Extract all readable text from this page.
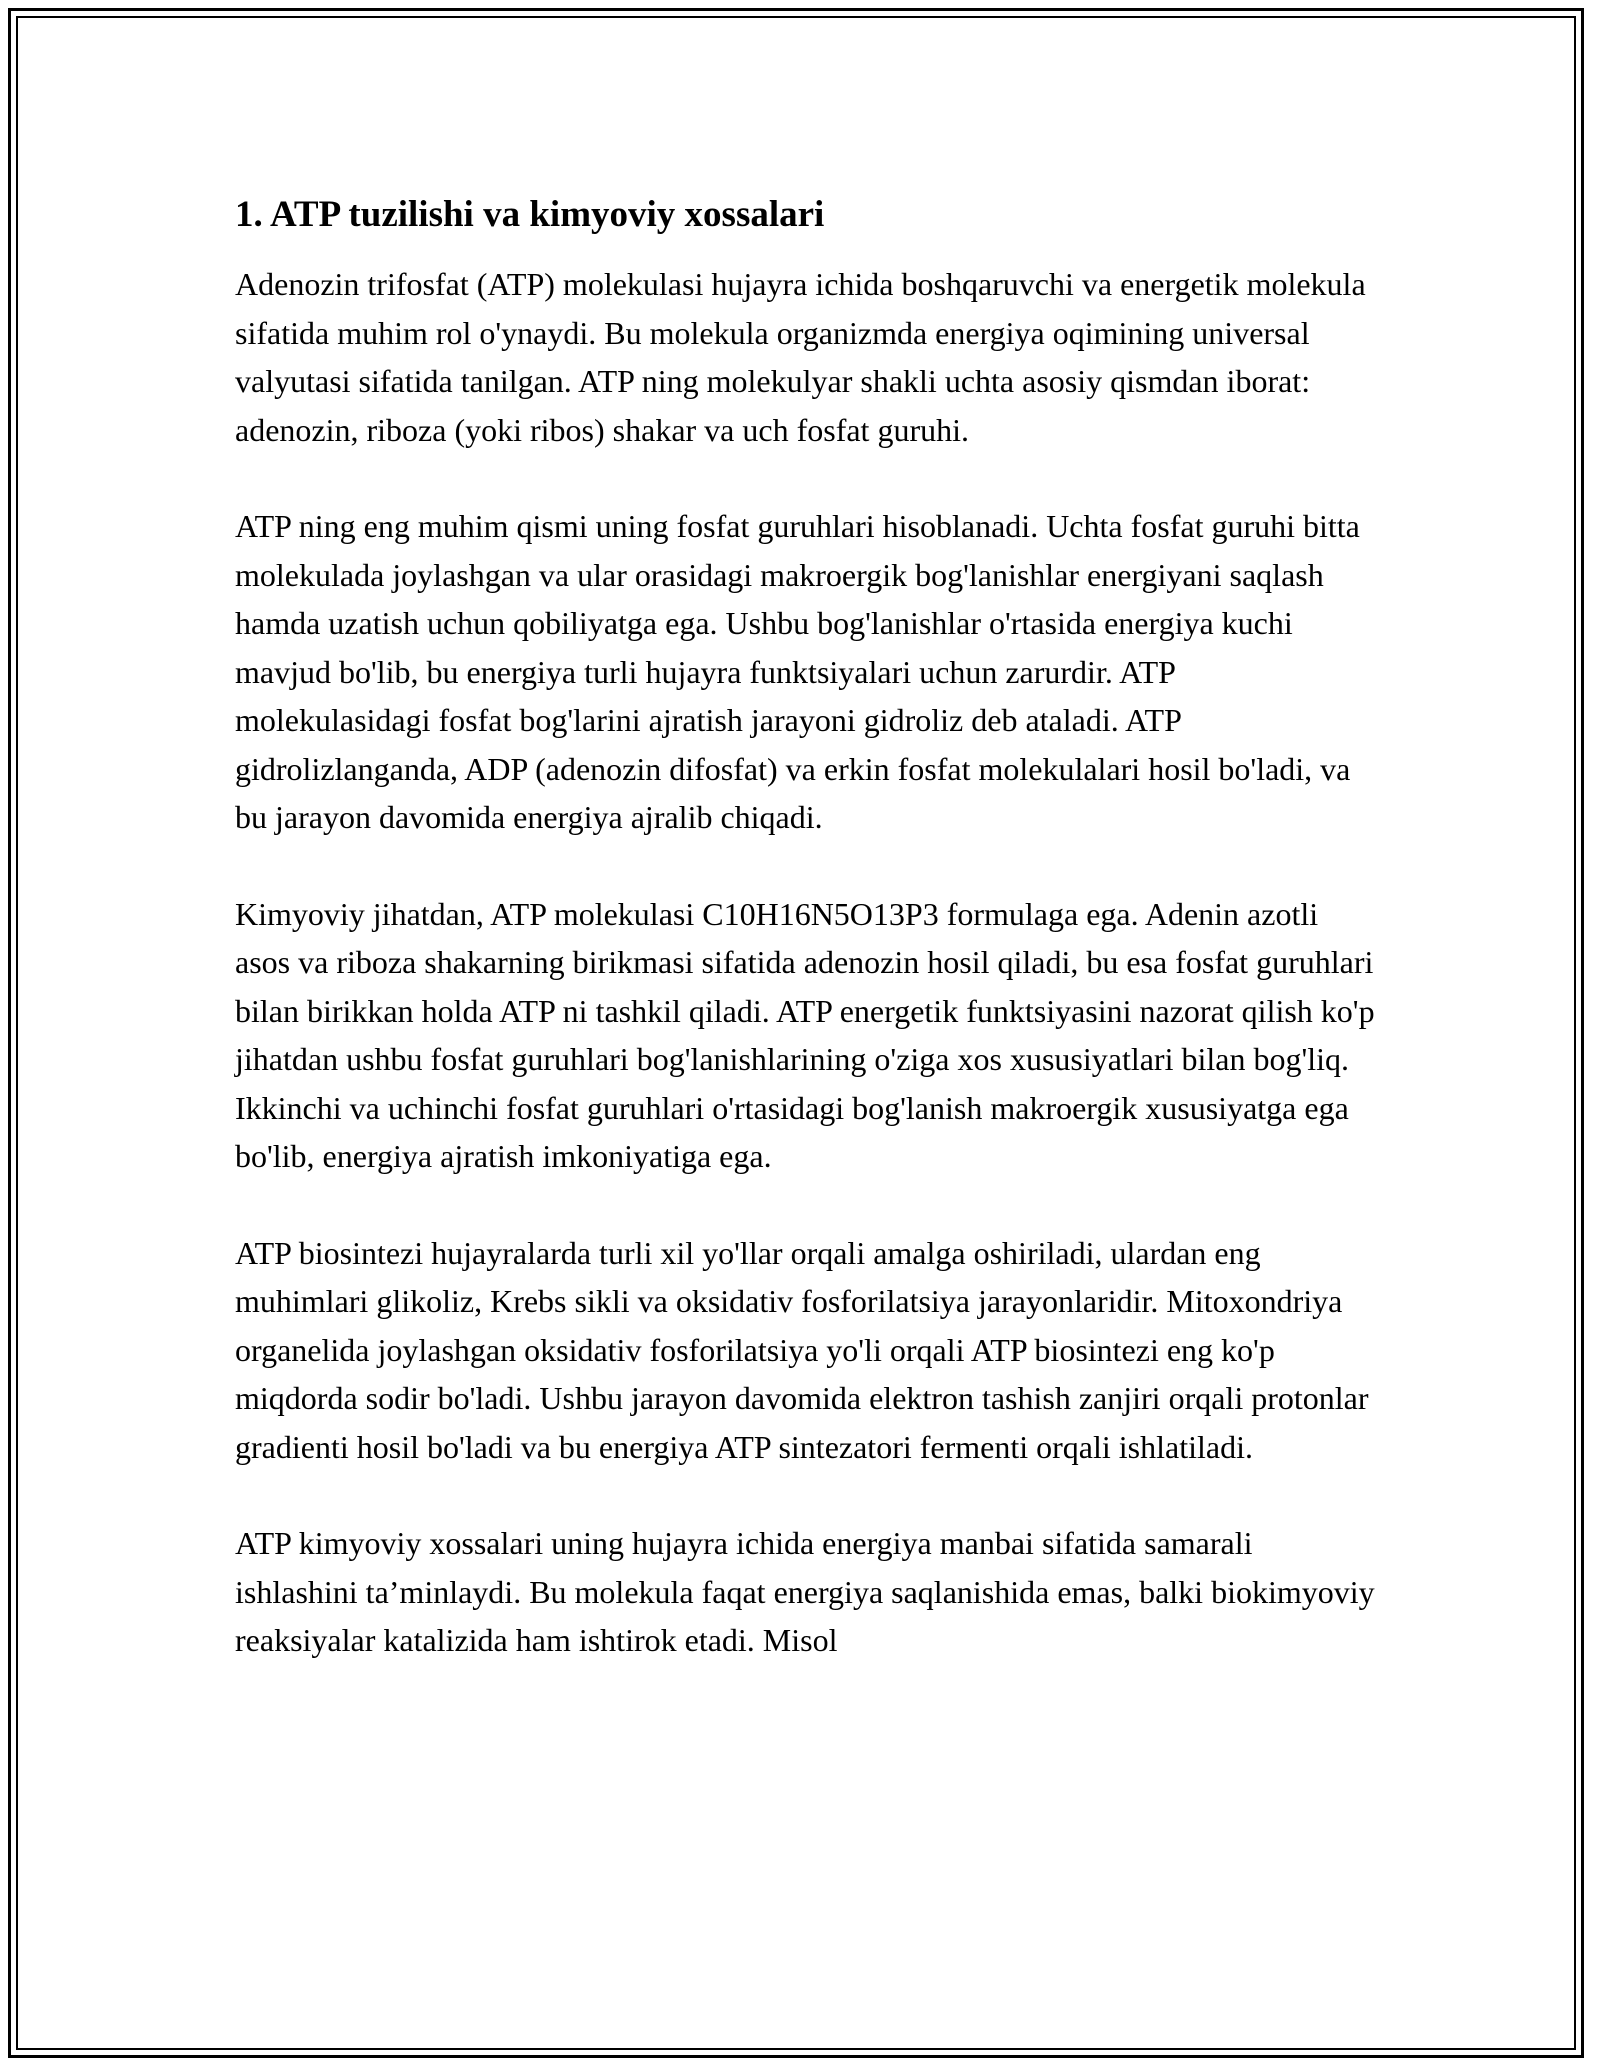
1. ATP tuzilishi va kimyoviy xossalari

Adenozin trifosfat (ATP) molekulasi hujayra ichida boshqaruvchi va energetik molekula sifatida muhim rol o'ynaydi. Bu molekula organizmda energiya oqimining universal valyutasi sifatida tanilgan. ATP ning molekulyar shakli uchta asosiy qismdan iborat: adenozin, riboza (yoki ribos) shakar va uch fosfat guruhi.

ATP ning eng muhim qismi uning fosfat guruhlari hisoblanadi. Uchta fosfat guruhi bitta molekulada joylashgan va ular orasidagi makroergik bog'lanishlar energiyani saqlash hamda uzatish uchun qobiliyatga ega. Ushbu bog'lanishlar o'rtasida energiya kuchi mavjud bo'lib, bu energiya turli hujayra funktsiyalari uchun zarurdir. ATP molekulasidagi fosfat bog'larini ajratish jarayoni gidroliz deb ataladi. ATP gidrolizlanganda, ADP (adenozin difosfat) va erkin fosfat molekulalari hosil bo'ladi, va bu jarayon davomida energiya ajralib chiqadi.

Kimyoviy jihatdan, ATP molekulasi C10H16N5O13P3 formulaga ega. Adenin azotli asos va riboza shakarning birikmasi sifatida adenozin hosil qiladi, bu esa fosfat guruhlari bilan birikkan holda ATP ni tashkil qiladi. ATP energetik funktsiyasini nazorat qilish ko'p jihatdan ushbu fosfat guruhlari bog'lanishlarining o'ziga xos xususiyatlari bilan bog'liq. Ikkinchi va uchinchi fosfat guruhlari o'rtasidagi bog'lanish makroergik xususiyatga ega bo'lib, energiya ajratish imkoniyatiga ega.

ATP biosintezi hujayralarda turli xil yo'llar orqali amalga oshiriladi, ulardan eng muhimlari glikoliz, Krebs sikli va oksidativ fosforilatsiya jarayonlaridir. Mitoxondriya organelida joylashgan oksidativ fosforilatsiya yo'li orqali ATP biosintezi eng ko'p miqdorda sodir bo'ladi. Ushbu jarayon davomida elektron tashish zanjiri orqali protonlar gradienti hosil bo'ladi va bu energiya ATP sintezatori fermenti orqali ishlatiladi.

ATP kimyoviy xossalari uning hujayra ichida energiya manbai sifatida samarali ishlashini ta’minlaydi. Bu molekula faqat energiya saqlanishida emas, balki biokimyoviy reaksiyalar katalizida ham ishtirok etadi. Misol
